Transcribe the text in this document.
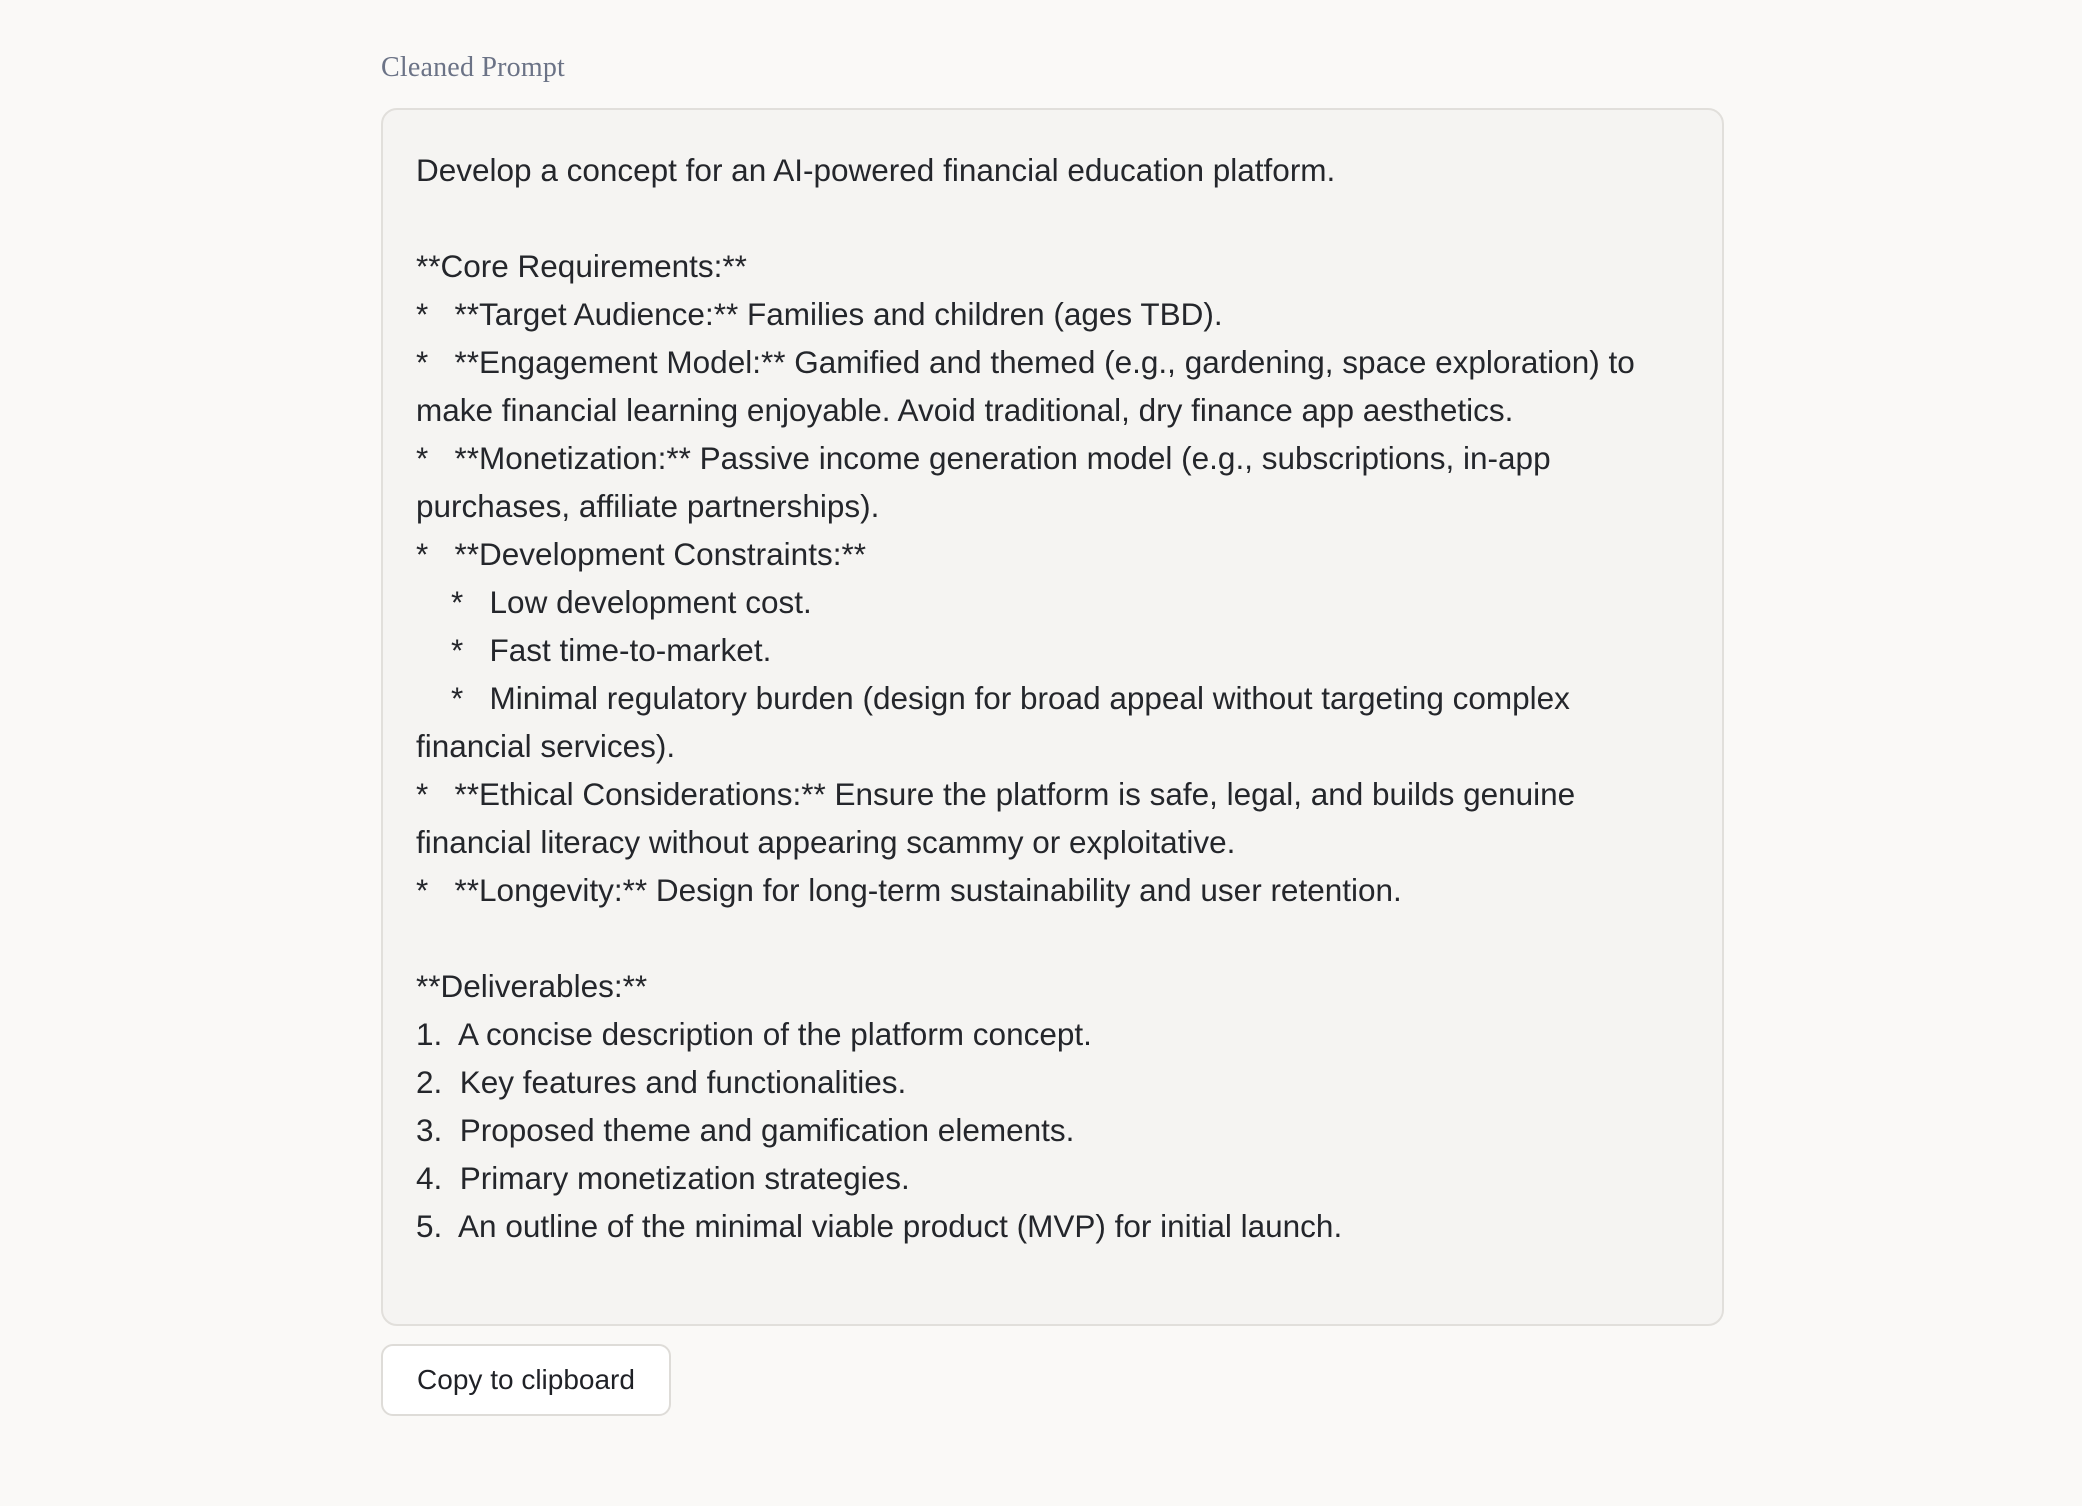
Cleaned Prompt
Develop a concept for an AI-powered financial education platform.

**Core Requirements:**
*   **Target Audience:** Families and children (ages TBD).
*   **Engagement Model:** Gamified and themed (e.g., gardening, space exploration) to make financial learning enjoyable. Avoid traditional, dry finance app aesthetics.
*   **Monetization:** Passive income generation model (e.g., subscriptions, in-app purchases, affiliate partnerships).
*   **Development Constraints:**
*   Low development cost.
*   Fast time-to-market.
*   Minimal regulatory burden (design for broad appeal without targeting complex financial services).
*   **Ethical Considerations:** Ensure the platform is safe, legal, and builds genuine financial literacy without appearing scammy or exploitative.
*   **Longevity:** Design for long-term sustainability and user retention.

**Deliverables:**
1.  A concise description of the platform concept.
2.  Key features and functionalities.
3.  Proposed theme and gamification elements.
4.  Primary monetization strategies.
5.  An outline of the minimal viable product (MVP) for initial launch.
Copy to clipboard
